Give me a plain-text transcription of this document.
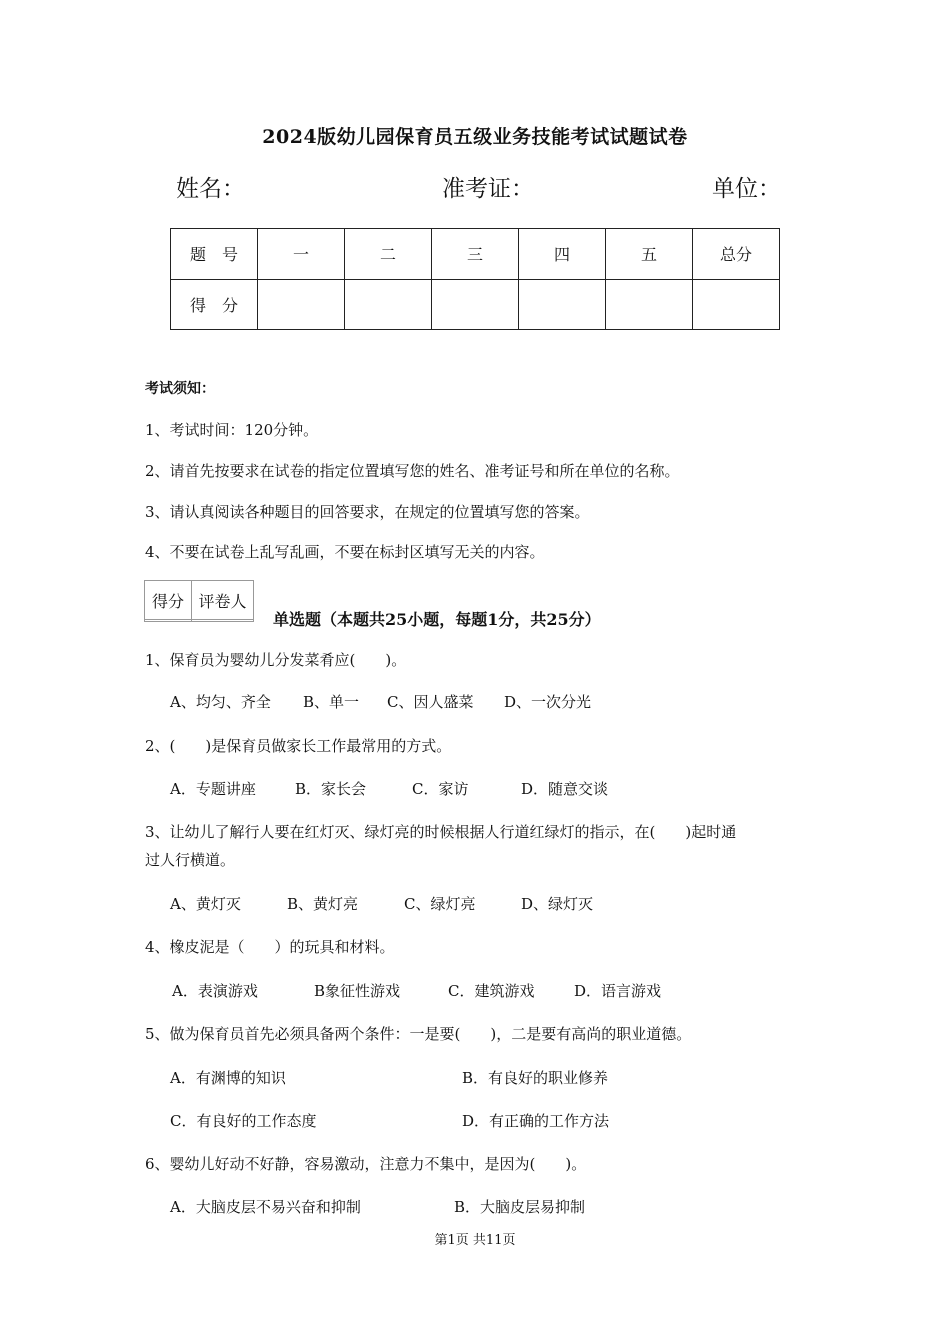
2024版幼儿园保育员五级业务技能考试试题试卷
姓名：	准考证：	单位：
题　号	一	二	三	四	五	总分
得　分						
考试须知：
1、考试时间：120分钟。
2、请首先按要求在试卷的指定位置填写您的姓名、准考证号和所在单位的名称。
3、请认真阅读各种题目的回答要求，在规定的位置填写您的答案。
4、不要在试卷上乱写乱画，不要在标封区填写无关的内容。
得分	评卷人

单选题（本题共25小题，每题1分，共25分）
1、保育员为婴幼儿分发菜肴应(　　)。
A、均匀、齐全 B、单一 C、因人盛菜 D、一次分光
2、(　　)是保育员做家长工作最常用的方式。
A．专题讲座	B．家长会	C．家访	D．随意交谈
3、让幼儿了解行人要在红灯灭、绿灯亮的时候根据人行道红绿灯的指示，在(　　)起时通
过人行横道。
A、黄灯灭	B、黄灯亮	C、绿灯亮	D、绿灯灭
4、橡皮泥是（　　）的玩具和材料。
A．表演游戏	B象征性游戏	C．建筑游戏	D．语言游戏
5、做为保育员首先必须具备两个条件：一是要(　　)，二是要有高尚的职业道德。
A．有渊博的知识	B．有良好的职业修养
C．有良好的工作态度	D．有正确的工作方法
6、婴幼儿好动不好静，容易激动，注意力不集中，是因为(　　)。
A．大脑皮层不易兴奋和抑制	B．大脑皮层易抑制
第1页 共11页
